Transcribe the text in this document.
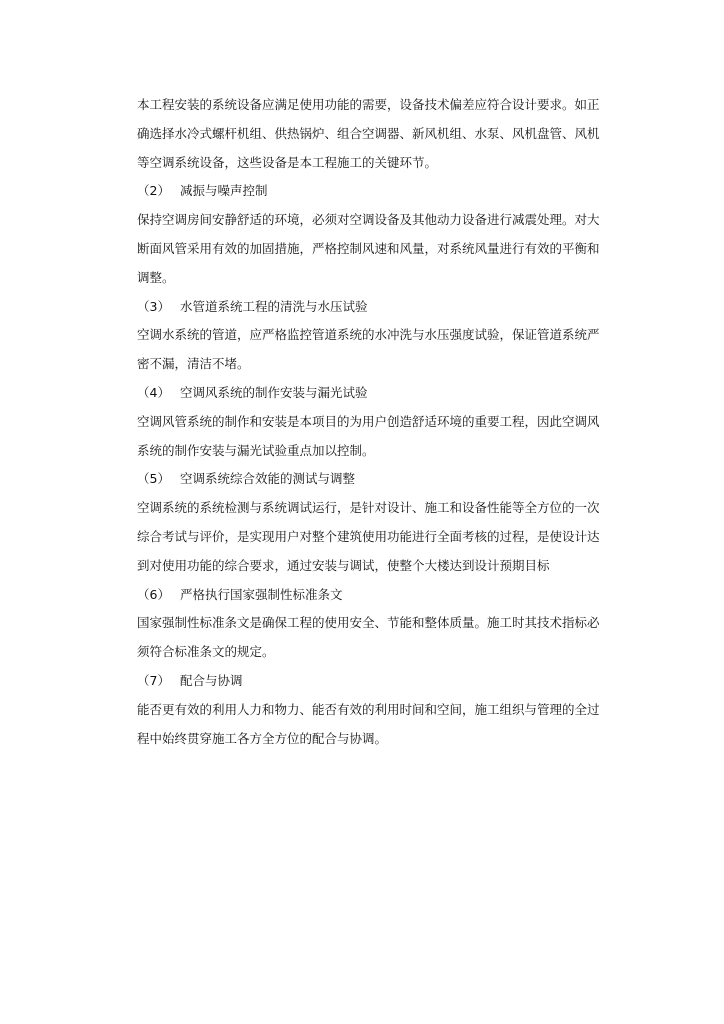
本工程安装的系统设备应满足使用功能的需要，设备技术偏差应符合设计要求。如正
确选择水冷式螺杆机组、供热锅炉、组合空调器、新风机组、水泵、风机盘管、风机
等空调系统设备，这些设备是本工程施工的关键环节。
（2） 减振与噪声控制
保持空调房间安静舒适的环境，必须对空调设备及其他动力设备进行减震处理。对大
断面风管采用有效的加固措施，严格控制风速和风量，对系统风量进行有效的平衡和
调整。
（3） 水管道系统工程的清洗与水压试验
空调水系统的管道，应严格监控管道系统的水冲洗与水压强度试验，保证管道系统严
密不漏，清洁不堵。
（4） 空调风系统的制作安装与漏光试验
空调风管系统的制作和安装是本项目的为用户创造舒适环境的重要工程，因此空调风
系统的制作安装与漏光试验重点加以控制。
（5） 空调系统综合效能的测试与调整
空调系统的系统检测与系统调试运行，是针对设计、施工和设备性能等全方位的一次
综合考试与评价，是实现用户对整个建筑使用功能进行全面考核的过程，是使设计达
到对使用功能的综合要求，通过安装与调试，使整个大楼达到设计预期目标
（6） 严格执行国家强制性标准条文
国家强制性标准条文是确保工程的使用安全、节能和整体质量。施工时其技术指标必
须符合标准条文的规定。
（7） 配合与协调
能否更有效的利用人力和物力、能否有效的利用时间和空间，施工组织与管理的全过
程中始终贯穿施工各方全方位的配合与协调。
